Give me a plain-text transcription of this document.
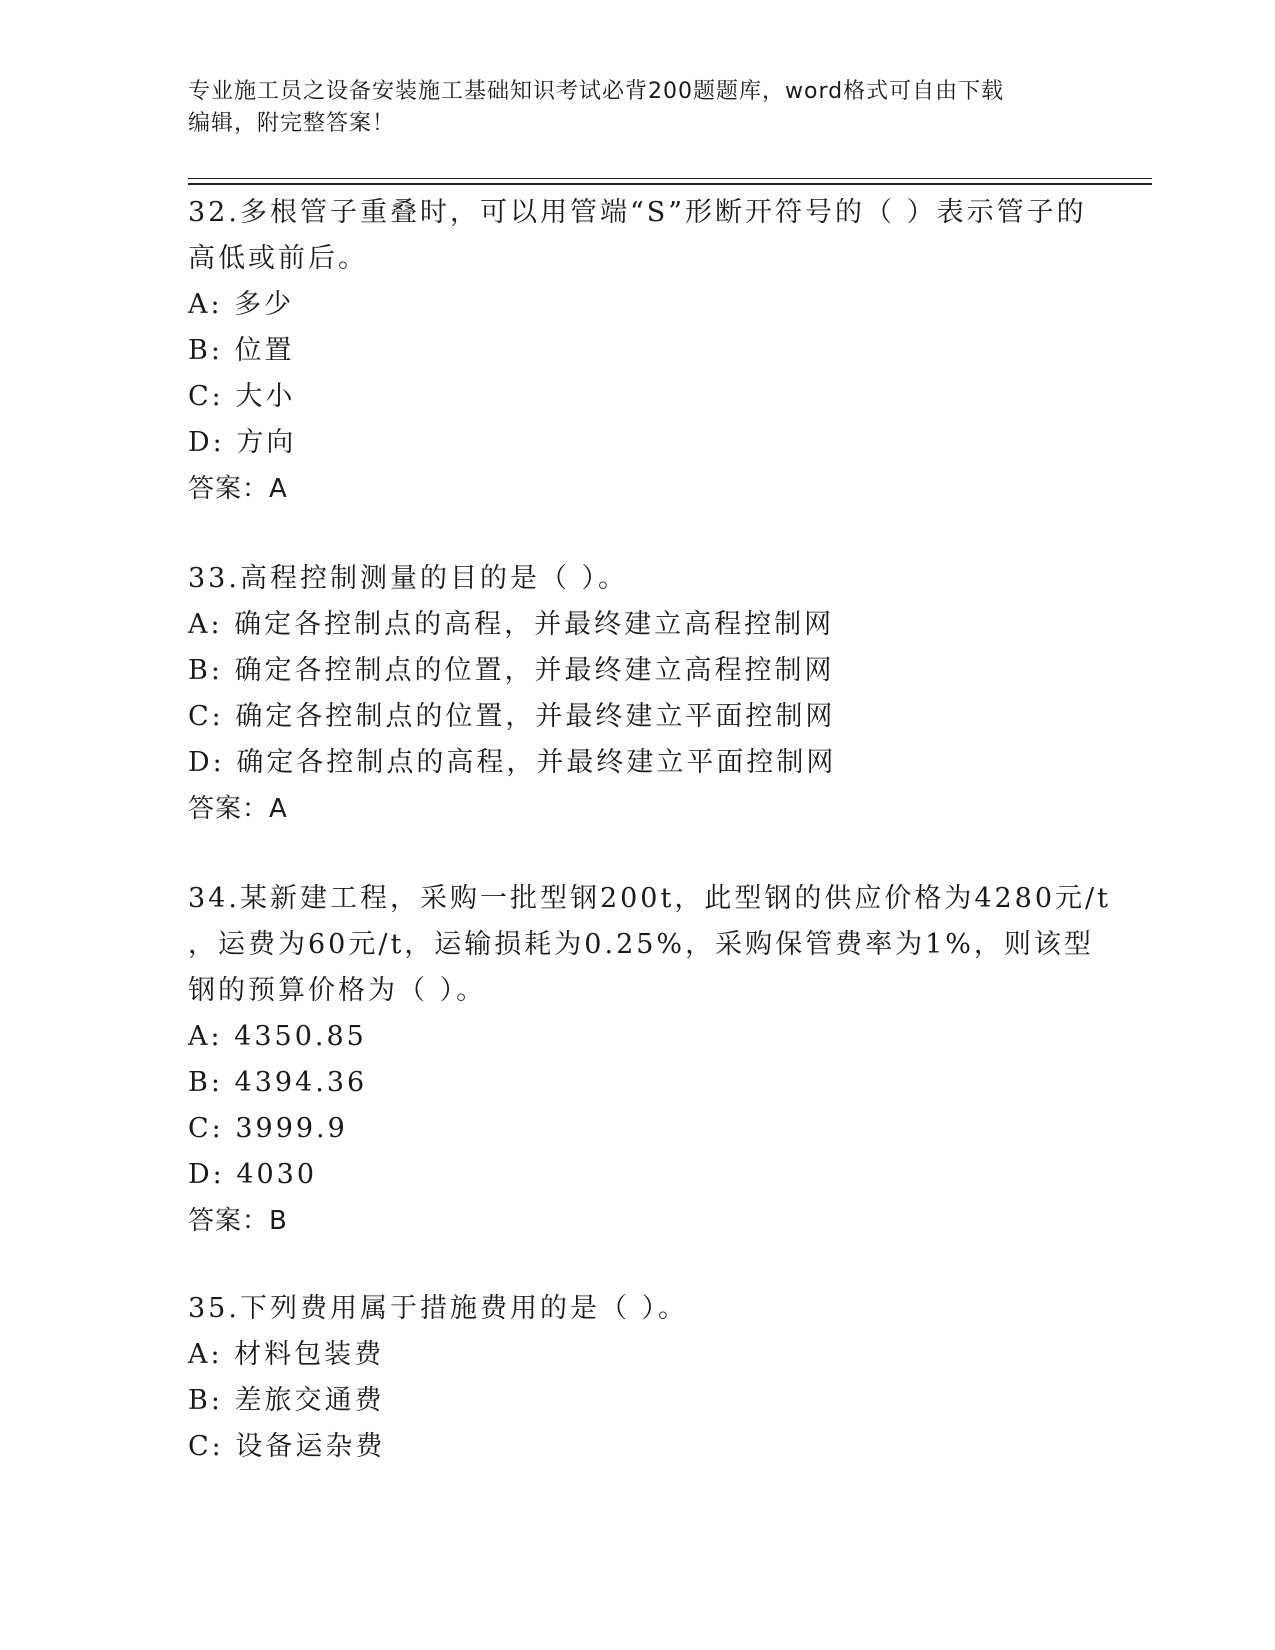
专业施工员之设备安装施工基础知识考试必背200题题库，word格式可自由下载
编辑，附完整答案！
32.多根管子重叠时，可以用管端“S”形断开符号的（ ）表示管子的
高低或前后。
A: 多少
B: 位置
C: 大小
D: 方向
答案：A
33.高程控制测量的目的是（ ）。
A: 确定各控制点的高程，并最终建立高程控制网
B: 确定各控制点的位置，并最终建立高程控制网
C: 确定各控制点的位置，并最终建立平面控制网
D: 确定各控制点的高程，并最终建立平面控制网
答案：A
34.某新建工程，采购一批型钢200t，此型钢的供应价格为4280元/t
，运费为60元/t，运输损耗为0.25%，采购保管费率为1%，则该型
钢的预算价格为（ ）。
A: 4350.85
B: 4394.36
C: 3999.9
D: 4030
答案：B
35.下列费用属于措施费用的是（ ）。
A: 材料包装费
B: 差旅交通费
C: 设备运杂费
